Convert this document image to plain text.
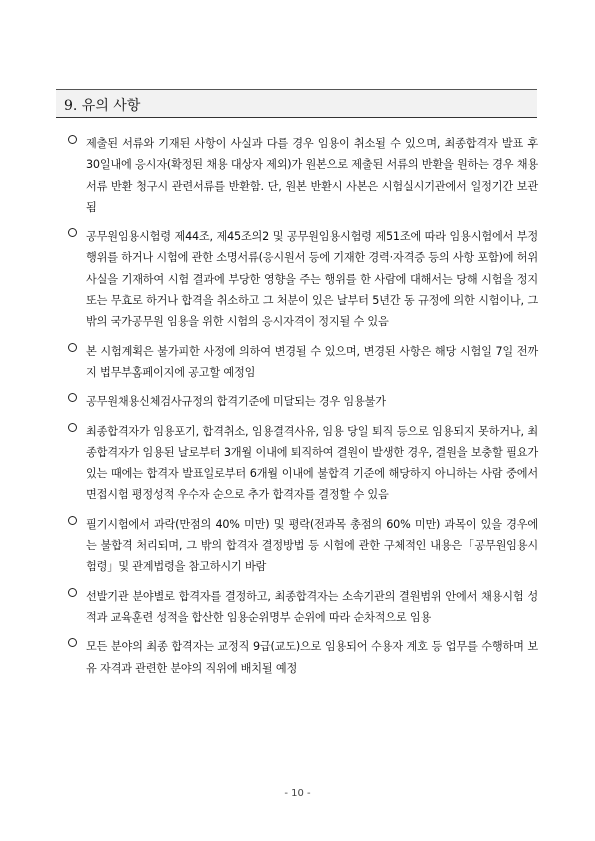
9. 유의 사항
제출된 서류와 기재된 사항이 사실과 다를 경우 임용이 취소될 수 있으며, 최종합격자 발표 후 30일내에 응시자(확정된 채용 대상자 제외)가 원본으로 제출된 서류의 반환을 원하는 경우 채용서류 반환 청구시 관련서류를 반환함. 단, 원본 반환시 사본은 시험실시기관에서 일정기간 보관됨
공무원임용시험령 제44조, 제45조의2 및 공무원임용시험령 제51조에 따라 임용시험에서 부정행위를 하거나 시험에 관한 소명서류(응시원서 등에 기재한 경력·자격증 등의 사항 포함)에 허위사실을 기재하여 시험 결과에 부당한 영향을 주는 행위를 한 사람에 대해서는 당해 시험을 정지 또는 무효로 하거나 합격을 취소하고 그 처분이 있은 날부터 5년간 동 규정에 의한 시험이나, 그 밖의 국가공무원 임용을 위한 시험의 응시자격이 정지될 수 있음
본 시험계획은 불가피한 사정에 의하여 변경될 수 있으며, 변경된 사항은 해당 시험일 7일 전까지 법무부홈페이지에 공고할 예정임
공무원채용신체검사규정의 합격기준에 미달되는 경우 임용불가
최종합격자가 임용포기, 합격취소, 임용결격사유, 임용 당일 퇴직 등으로 임용되지 못하거나, 최종합격자가 임용된 날로부터 3개월 이내에 퇴직하여 결원이 발생한 경우, 결원을 보충할 필요가 있는 때에는 합격자 발표일로부터 6개월 이내에 불합격 기준에 해당하지 아니하는 사람 중에서 면접시험 평정성적 우수자 순으로 추가 합격자를 결정할 수 있음
필기시험에서 과락(만점의 40% 미만) 및 평락(전과목 총점의 60% 미만) 과목이 있을 경우에는 불합격 처리되며, 그 밖의 합격자 결정방법 등 시험에 관한 구체적인 내용은「공무원임용시험령」및 관계법령을 참고하시기 바람
선발기관 분야별로 합격자를 결정하고, 최종합격자는 소속기관의 결원범위 안에서 채용시험 성적과 교육훈련 성적을 합산한 임용순위명부 순위에 따라 순차적으로 임용
모든 분야의 최종 합격자는 교정직 9급(교도)으로 임용되어 수용자 계호 등 업무를 수행하며 보유 자격과 관련한 분야의 직위에 배치될 예정
- 10 -
